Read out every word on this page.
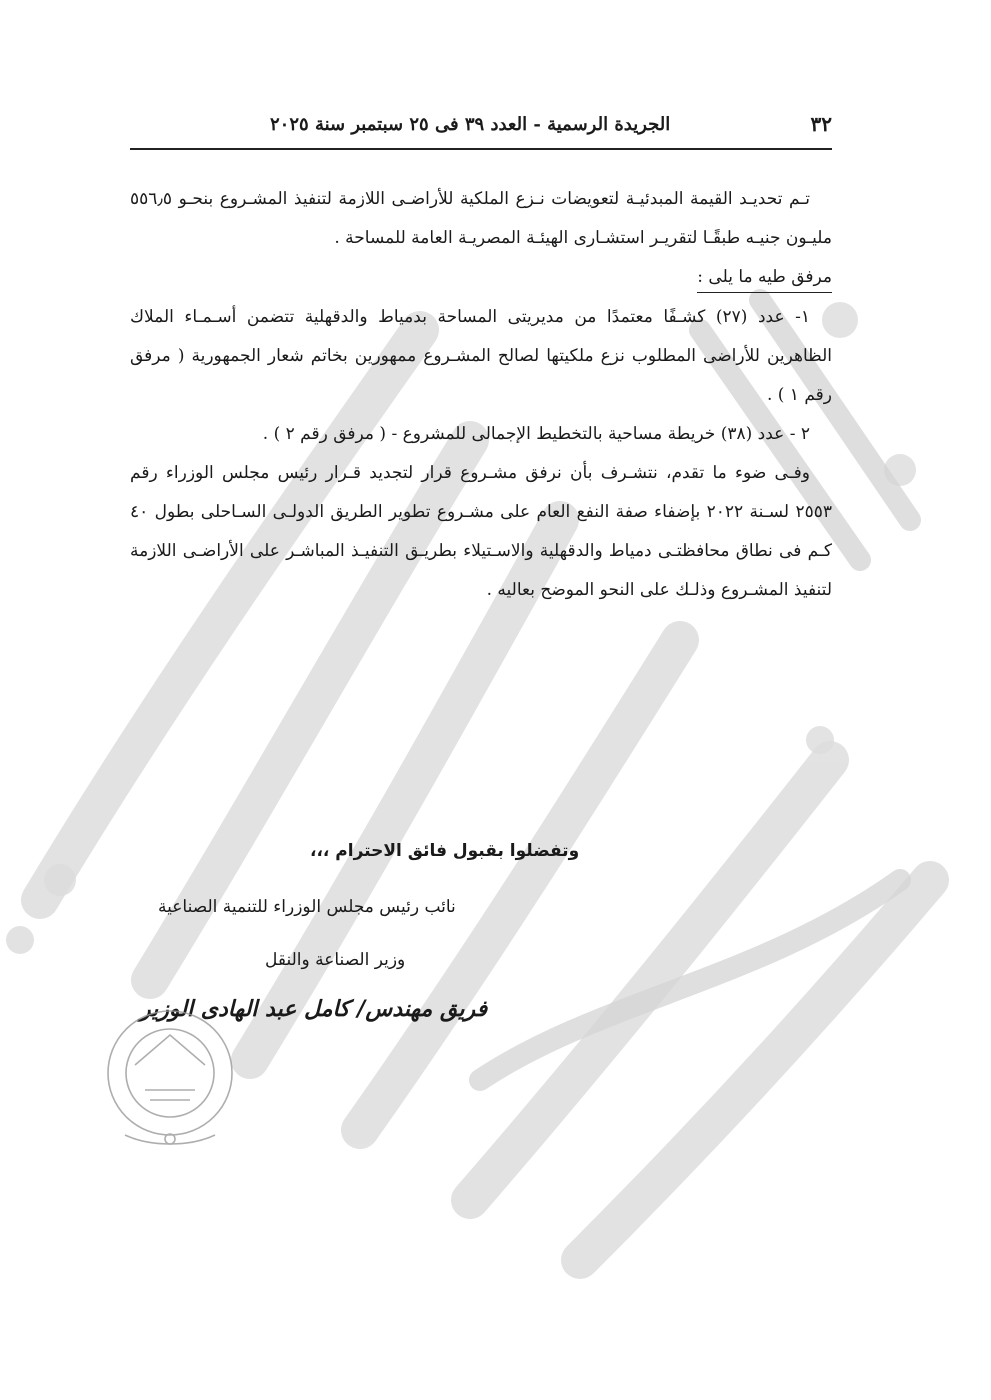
٣٢
الجريدة الرسمية - العدد ٣٩ فى ٢٥ سبتمبر سنة ٢٠٢٥

تـم تحديـد القيمة المبدئيـة لتعويضات نـزع الملكية للأراضـى اللازمة لتنفيذ المشـروع بنحـو ٥٥٦٫٥ مليـون جنيـه طبقًـا لتقريـر استشـارى الهيئـة المصريـة العامة للمساحة .

مرفق طيه ما يلى :

١- عدد (٢٧) كشـفًا معتمدًا من مديريتى المساحة بدمياط والدقهلية تتضمن أسـمـاء الملاك الظاهرين للأراضى المطلوب نزع ملكيتها لصالح المشـروع ممهورين بخاتم شعار الجمهورية ( مرفق رقم ١ ) .

٢ - عدد (٣٨) خريطة مساحية بالتخطيط الإجمالى للمشروع - ( مرفق رقم ٢ ) .

وفـى ضوء ما تقدم، نتشـرف بأن نرفق مشـروع قرار لتجديد قـرار رئيس مجلس الوزراء رقم ٢٥٥٣ لسـنة ٢٠٢٢ بإضفاء صفة النفع العام على مشـروع تطوير الطريق الدولـى السـاحلى بطول ٤٠ كـم فى نطاق محافظتـى دمياط والدقهلية والاسـتيلاء بطريـق التنفيـذ المباشـر على الأراضـى اللازمة لتنفيذ المشـروع وذلـك على النحو الموضح بعاليه .

وتفضلوا بقبول فائق الاحترام ،،،
نائب رئيس مجلس الوزراء للتنمية الصناعية
وزير الصناعة والنقل
فريق مهندس/ كامل عبد الهادى الوزير
